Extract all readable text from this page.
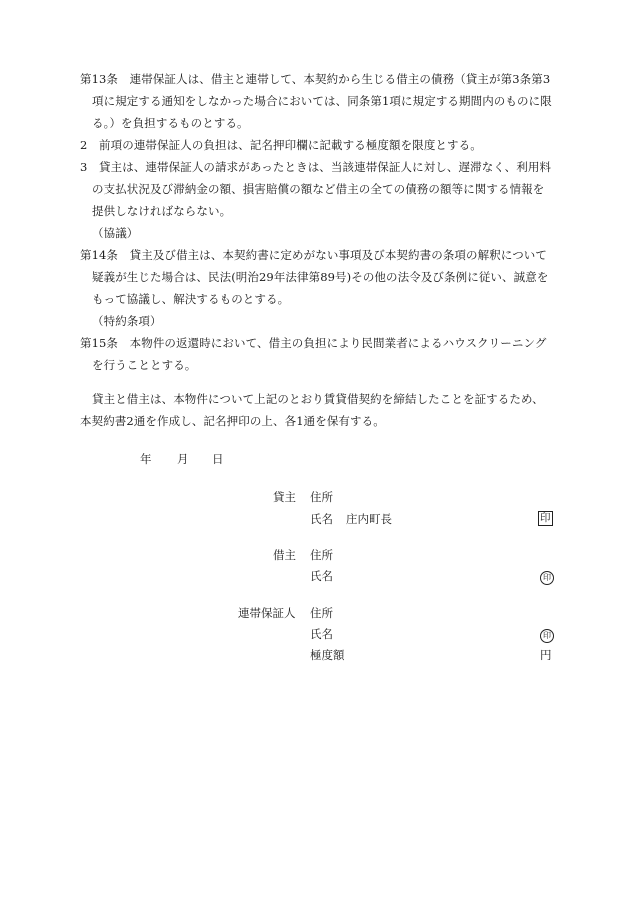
第13条　連帯保証人は、借主と連帯して、本契約から生じる借主の債務（貸主が第3条第3
項に規定する通知をしなかった場合においては、同条第1項に規定する期間内のものに限
る。）を負担するものとする。
2　前項の連帯保証人の負担は、記名押印欄に記載する極度額を限度とする。
3　貸主は、連帯保証人の請求があったときは、当該連帯保証人に対し、遅滞なく、利用料
の支払状況及び滞納金の額、損害賠償の額など借主の全ての債務の額等に関する情報を
提供しなければならない。
（協議）
第14条　貸主及び借主は、本契約書に定めがない事項及び本契約書の条項の解釈について
疑義が生じた場合は、民法(明治29年法律第89号)その他の法令及び条例に従い、誠意を
もって協議し、解決するものとする。
（特約条項）
第15条　本物件の返還時において、借主の負担により民間業者によるハウスクリーニング
を行うこととする。
貸主と借主は、本物件について上記のとおり賃貸借契約を締結したことを証するため、
本契約書2通を作成し、記名押印の上、各1通を保有する。
年 月 日
貸主 住所
氏名 庄内町長	印
借主 住所
氏名	印
連帯保証人 住所
氏名	印
極度額	円
